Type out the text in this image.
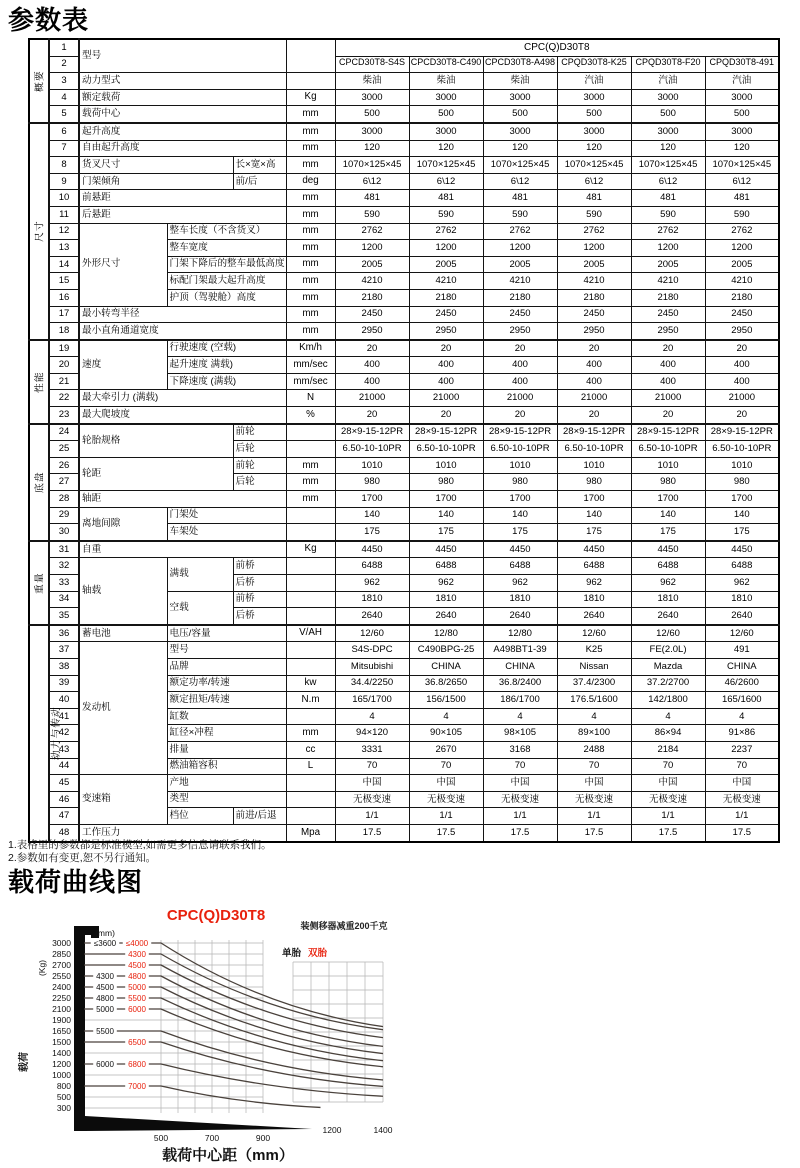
参数表
概要	1	型号				CPC(Q)D30T8					
	2					CPCD30T8-S4S	CPCD30T8-C490	CPCD30T8-A498	CPQD30T8-K25	CPQD30T8-F20	CPQD30T8-491

	3	动力型式				柴油	柴油	柴油	汽油	汽油	汽油
	4	额定载荷			Kg	3000	3000	3000	3000	3000	3000
	5	载荷中心			mm	500	500	500	500	500	500
尺寸	6	起升高度			mm	3000	3000	3000	3000	3000	3000
	7	自由起升高度			mm	120	120	120	120	120	120
	8	货叉尺寸		长×宽×高	mm	1070×125×45	1070×125×45	1070×125×45	1070×125×45	1070×125×45	1070×125×45
	9	门架倾角		前/后	deg	6\12	6\12	6\12	6\12	6\12	6\12
	10	前悬距			mm	481	481	481	481	481	481
	11	后悬距			mm	590	590	590	590	590	590
	12	外形尺寸	整车长度（不含货叉）		mm	2762	2762	2762	2762	2762	2762
	13		整车宽度		mm	1200	1200	1200	1200	1200	1200
	14		门架下降后的整车最低高度		mm	2005	2005	2005	2005	2005	2005
	15		标配门架最大起升高度		mm	4210	4210	4210	4210	4210	4210
	16		护顶（驾驶舱）高度		mm	2180	2180	2180	2180	2180	2180
	17	最小转弯半径			mm	2450	2450	2450	2450	2450	2450
	18	最小直角通道宽度			mm	2950	2950	2950	2950	2950	2950
性能	19	速度	行驶速度 (空载)		Km/h	20	20	20	20	20	20
	20		起升速度 满载)		mm/sec	400	400	400	400	400	400
	21		下降速度 (满载)		mm/sec	400	400	400	400	400	400
	22	最大牵引力 (满载)			N	21000	21000	21000	21000	21000	21000
	23	最大爬坡度			%	20	20	20	20	20	20
底盘	24	轮胎规格		前轮		28×9-15-12PR	28×9-15-12PR	28×9-15-12PR	28×9-15-12PR	28×9-15-12PR	28×9-15-12PR
	25			后轮		6.50-10-10PR	6.50-10-10PR	6.50-10-10PR	6.50-10-10PR	6.50-10-10PR	6.50-10-10PR
	26	轮距		前轮	mm	1010	1010	1010	1010	1010	1010
	27			后轮	mm	980	980	980	980	980	980
	28	轴距			mm	1700	1700	1700	1700	1700	1700
	29	离地间隙	门架处			140	140	140	140	140	140
	30		车架处			175	175	175	175	175	175
重量	31	自重			Kg	4450	4450	4450	4450	4450	4450
	32	轴载	满载	前桥		6488	6488	6488	6488	6488	6488
	33			后桥		962	962	962	962	962	962
	34		空载	前桥		1810	1810	1810	1810	1810	1810
	35			后桥		2640	2640	2640	2640	2640	2640
动力与传动	36	蓄电池	电压/容量		V/AH	12/60	12/80	12/80	12/60	12/60	12/60
	37	发动机	型号			S4S-DPC	C490BPG-25	A498BT1-39	K25	FE(2.0L)	491
	38		品牌			Mitsubishi	CHINA	CHINA	Nissan	Mazda	CHINA
	39		额定功率/转速		kw	34.4/2250	36.8/2650	36.8/2400	37.4/2300	37.2/2700	46/2600
	40		额定扭矩/转速		N.m	165/1700	156/1500	186/1700	176.5/1600	142/1800	165/1600
	41		缸数			4	4	4	4	4	4
	42		缸径×冲程		mm	94×120	90×105	98×105	89×100	86×94	91×86
	43		排量		cc	3331	2670	3168	2488	2184	2237
	44		燃油箱容积		L	70	70	70	70	70	70
	45	变速箱	产地			中国	中国	中国	中国	中国	中国
	46		类型			无极变速	无极变速	无极变速	无极变速	无极变速	无极变速
	47		档位	前进/后退		1/1	1/1	1/1	1/1	1/1	1/1
	48	工作压力			Mpa	17.5	17.5	17.5	17.5	17.5	17.5
1.表格里的参数都是标准模型,如需更多信息请联系我们。
2.参数如有变更,恕不另行通知。
载荷曲线图
3000
2850
2700
2550
2400
2250
2100
1900
1650
1500
1400
1200
1000
800
500
300
500	700	900
1200	1400
≤3600 ≤4000
4300
4500
4300 4800
4500 5000
4800 5500
5000 6000
5500
6500
6000 6800
7000
(mm)
CPC(Q)D30T8
装侧移器减重200千克
单胎 双胎
载荷中心距（mm）
载荷
(Kg)
